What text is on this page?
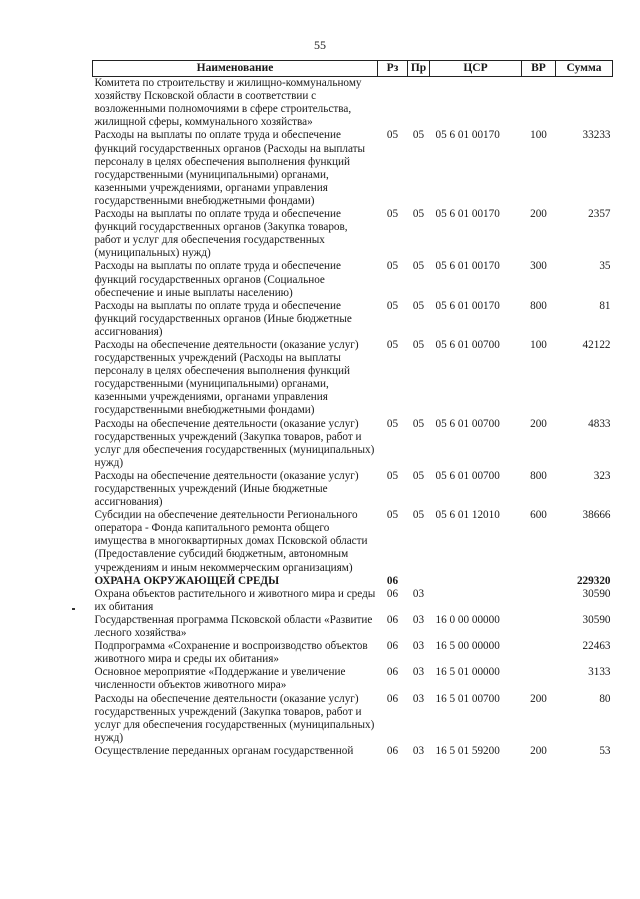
55
Наименование	Рз	Пр	ЦСР	ВР	Сумма
Комитета по строительству и жилищно-коммунальному хозяйству Псковской области в соответствии с возложенными полномочиями в сфере строительства, жилищной сферы, коммунального хозяйства»					
Расходы на выплаты по оплате труда и обеспечение функций государственных органов (Расходы на выплаты персоналу в целях обеспечения выполнения функций государственными (муниципальными) органами, казенными учреждениями, органами управления государственными внебюджетными фондами)	05	05	05 6 01 00170	100	33233
Расходы на выплаты по оплате труда и обеспечение функций государственных органов (Закупка товаров, работ и услуг для обеспечения государственных (муниципальных) нужд)	05	05	05 6 01 00170	200	2357
Расходы на выплаты по оплате труда и обеспечение функций государственных органов (Социальное обеспечение и иные выплаты населению)	05	05	05 6 01 00170	300	35
Расходы на выплаты по оплате труда и обеспечение функций государственных органов (Иные бюджетные ассигнования)	05	05	05 6 01 00170	800	81
Расходы на обеспечение деятельности (оказание услуг) государственных учреждений (Расходы на выплаты персоналу в целях обеспечения выполнения функций государственными (муниципальными) органами, казенными учреждениями, органами управления государственными внебюджетными фондами)	05	05	05 6 01 00700	100	42122
Расходы на обеспечение деятельности (оказание услуг) государственных учреждений (Закупка товаров, работ и услуг для обеспечения государственных (муниципальных) нужд)	05	05	05 6 01 00700	200	4833
Расходы на обеспечение деятельности (оказание услуг) государственных учреждений (Иные бюджетные ассигнования)	05	05	05 6 01 00700	800	323
Субсидии на обеспечение деятельности Регионального оператора - Фонда капитального ремонта общего имущества в многоквартирных домах Псковской области (Предоставление субсидий бюджетным, автономным учреждениям и иным некоммерческим организациям)	05	05	05 6 01 12010	600	38666
ОХРАНА ОКРУЖАЮЩЕЙ СРЕДЫ	06				229320
Охрана объектов растительного и животного мира и среды их обитания	06	03			30590
Государственная программа Псковской области «Развитие лесного хозяйства»	06	03	16 0 00 00000		30590
Подпрограмма «Сохранение и воспроизводство объектов животного мира и среды их обитания»	06	03	16 5 00 00000		22463
Основное мероприятие «Поддержание и увеличение численности объектов животного мира»	06	03	16 5 01 00000		3133
Расходы на обеспечение деятельности (оказание услуг) государственных учреждений (Закупка товаров, работ и услуг для обеспечения государственных (муниципальных) нужд)	06	03	16 5 01 00700	200	80
Осуществление переданных органам государственной	06	03	16 5 01 59200	200	53
